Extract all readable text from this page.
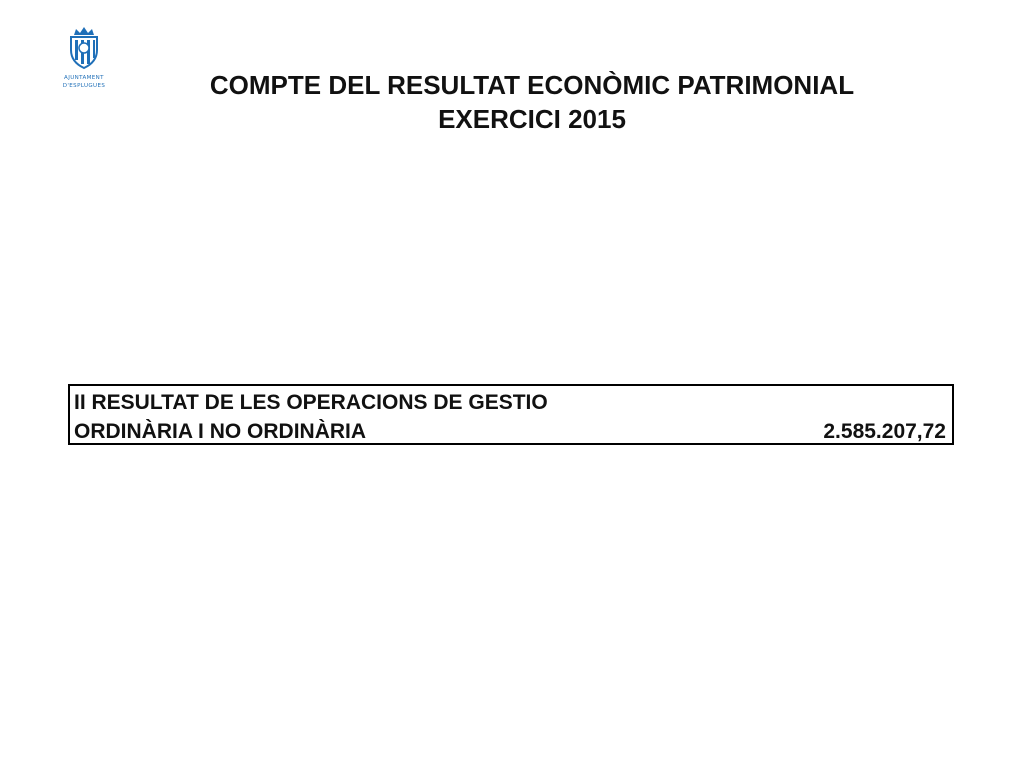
AJUNTAMENT
D'ESPLUGUES	COMPTE DEL RESULTAT ECONÒMIC PATRIMONIAL
EXERCICI 2015
II RESULTAT DE LES OPERACIONS DE GESTIO
ORDINÀRIA I NO ORDINÀRIA	2.585.207,72
